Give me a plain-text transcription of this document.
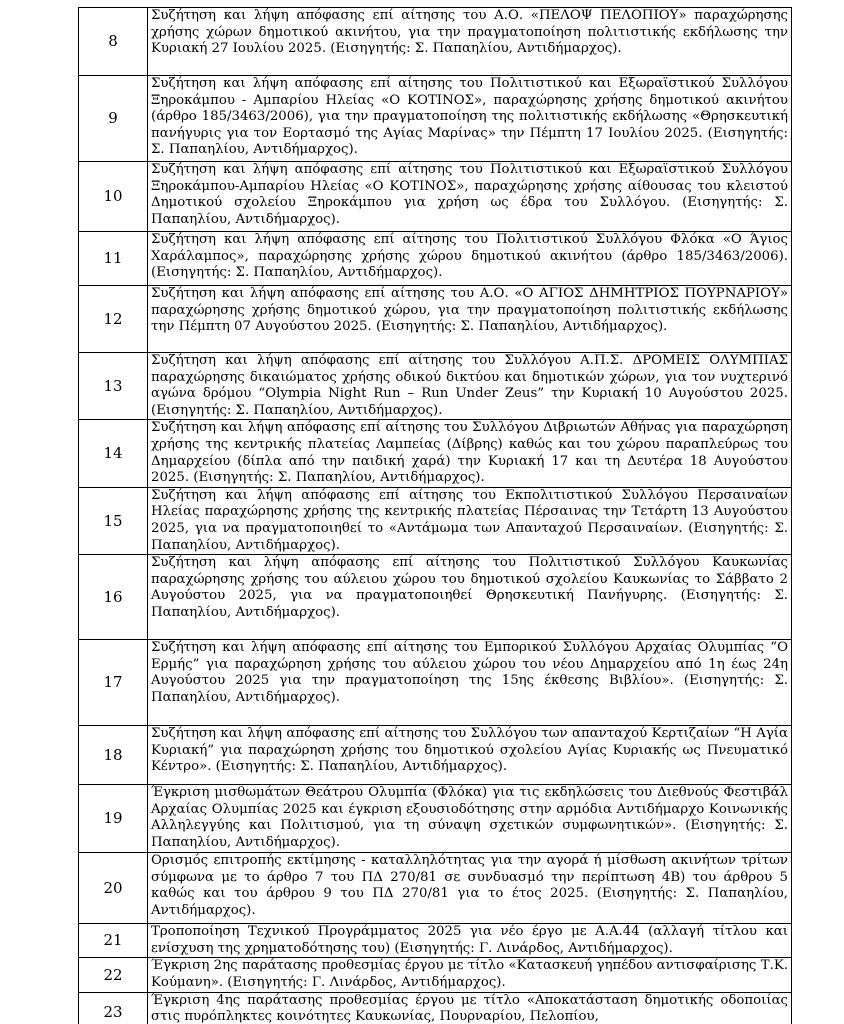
8	Συζήτηση και λήψη απόφασης επί αίτησης του Α.Ο. «ΠΕΛΟΨ ΠΕΛΟΠΙΟΥ» παραχώρησης χρήσης χώρων δημοτικού ακινήτου, για την πραγματοποίηση πολιτιστικής εκδήλωσης την Κυριακή 27 Ιουλίου 2025. (Εισηγητής: Σ. Παπαηλίου, Αντιδήμαρχος).
9	Συζήτηση και λήψη απόφασης επί αίτησης του Πολιτιστικού και Εξωραϊστικού Συλλόγου Ξηροκάμπου - Αμπαρίου Ηλείας «Ο ΚΟΤΙΝΟΣ», παραχώρησης χρήσης δημοτικού ακινήτου (άρθρο 185/3463/2006), για την πραγματοποίηση της πολιτιστικής εκδήλωσης «Θρησκευτική πανήγυρις για τον Εορτασμό της Αγίας Μαρίνας» την Πέμπτη 17 Ιουλίου 2025. (Εισηγητής: Σ. Παπαηλίου, Αντιδήμαρχος).
10	Συζήτηση και λήψη απόφασης επί αίτησης του Πολιτιστικού και Εξωραϊστικού Συλλόγου Ξηροκάμπου-Αμπαρίου Ηλείας «Ο ΚΟΤΙΝΟΣ», παραχώρησης χρήσης αίθουσας του κλειστού Δημοτικού σχολείου Ξηροκάμπου για χρήση ως έδρα του Συλλόγου. (Εισηγητής: Σ. Παπαηλίου, Αντιδήμαρχος).
11	Συζήτηση και λήψη απόφασης επί αίτησης του Πολιτιστικού Συλλόγου Φλόκα «Ο Άγιος Χαράλαμπος», παραχώρησης χρήσης χώρου δημοτικού ακινήτου (άρθρο 185/3463/2006). (Εισηγητής: Σ. Παπαηλίου, Αντιδήμαρχος).
12	Συζήτηση και λήψη απόφασης επί αίτησης του Α.Ο. «Ο ΑΓΙΟΣ ΔΗΜΗΤΡΙΟΣ ΠΟΥΡΝΑΡΙΟΥ» παραχώρησης χρήσης δημοτικού χώρου, για την πραγματοποίηση πολιτιστικής εκδήλωσης την Πέμπτη 07 Αυγούστου 2025. (Εισηγητής: Σ. Παπαηλίου, Αντιδήμαρχος).
13	Συζήτηση και λήψη απόφασης επί αίτησης του Συλλόγου Α.Π.Σ. ΔΡΟΜΕΙΣ ΟΛΥΜΠΙΑΣ παραχώρησης δικαιώματος χρήσης οδικού δικτύου και δημοτικών χώρων, για τον νυχτερινό αγώνα δρόμου “Olympia Night Run – Run Under Zeus” την Κυριακή 10 Αυγούστου 2025. (Εισηγητής: Σ. Παπαηλίου, Αντιδήμαρχος).
14	Συζήτηση και λήψη απόφασης επί αίτησης του Συλλόγου Διβριωτών Αθήνας για παραχώρηση χρήσης της κεντρικής πλατείας Λαμπείας (Δίβρης) καθώς και του χώρου παραπλεύρως του Δημαρχείου (δίπλα από την παιδική χαρά) την Κυριακή 17 και τη Δευτέρα 18 Αυγούστου 2025. (Εισηγητής: Σ. Παπαηλίου, Αντιδήμαρχος).
15	Συζήτηση και λήψη απόφασης επί αίτησης του Εκπολιτιστικού Συλλόγου Περσαιναίων Ηλείας παραχώρησης χρήσης της κεντρικής πλατείας Πέρσαινας την Τετάρτη 13 Αυγούστου 2025, για να πραγματοποιηθεί το «Αντάμωμα των Απανταχού Περσαιναίων. (Εισηγητής: Σ. Παπαηλίου, Αντιδήμαρχος).
16	Συζήτηση και λήψη απόφασης επί αίτησης του Πολιτιστικού Συλλόγου Καυκωνίας παραχώρησης χρήσης του αύλειου χώρου του δημοτικού σχολείου Καυκωνίας το Σάββατο 2 Αυγούστου 2025, για να πραγματοποιηθεί Θρησκευτική Πανήγυρης. (Εισηγητής: Σ. Παπαηλίου, Αντιδήμαρχος).
17	Συζήτηση και λήψη απόφασης επί αίτησης του Εμπορικού Συλλόγου Αρχαίας Ολυμπίας “Ο Ερμής” για παραχώρηση χρήσης του αύλειου χώρου του νέου Δημαρχείου από 1η έως 24η Αυγούστου 2025 για την πραγματοποίηση της 15ης έκθεσης Βιβλίου». (Εισηγητής: Σ. Παπαηλίου, Αντιδήμαρχος).
18	Συζήτηση και λήψη απόφασης επί αίτησης του Συλλόγου των απανταχού Κερτιζαίων “Η Αγία Κυριακή” για παραχώρηση χρήσης του δημοτικού σχολείου Αγίας Κυριακής ως Πνευματικό Κέντρο». (Εισηγητής: Σ. Παπαηλίου, Αντιδήμαρχος).
19	Έγκριση μισθωμάτων Θεάτρου Ολυμπία (Φλόκα) για τις εκδηλώσεις του Διεθνούς Φεστιβάλ Αρχαίας Ολυμπίας 2025 και έγκριση εξουσιοδότησης στην αρμόδια Αντιδήμαρχο Κοινωνικής Αλληλεγγύης και Πολιτισμού, για τη σύναψη σχετικών συμφωνητικών». (Εισηγητής: Σ. Παπαηλίου, Αντιδήμαρχος).
20	Ορισμός επιτροπής εκτίμησης - καταλληλότητας για την αγορά ή μίσθωση ακινήτων τρίτων σύμφωνα με το άρθρο 7 του ΠΔ 270/81 σε συνδυασμό την περίπτωση 4Β) του άρθρου 5 καθώς και του άρθρου 9 του ΠΔ 270/81 για το έτος 2025. (Εισηγητής: Σ. Παπαηλίου, Αντιδήμαρχος).
21	Τροποποίηση Τεχνικού Προγράμματος 2025 για νέο έργο με Α.Α.44 (αλλαγή τίτλου και ενίσχυση της χρηματοδότησης του) (Εισηγητής: Γ. Λινάρδος, Αντιδήμαρχος).
22	Έγκριση 2ης παράτασης προθεσμίας έργου με τίτλο «Κατασκευή γηπέδου αντισφαίρισης Τ.Κ. Κούμανη». (Εισηγητής: Γ. Λινάρδος, Αντιδήμαρχος).
23	Έγκριση 4ης παράτασης προθεσμίας έργου με τίτλο «Αποκατάσταση δημοτικής οδοποιίας στις πυρόπληκτες κοινότητες Καυκωνίας, Πουρναρίου, Πελοπίου,
